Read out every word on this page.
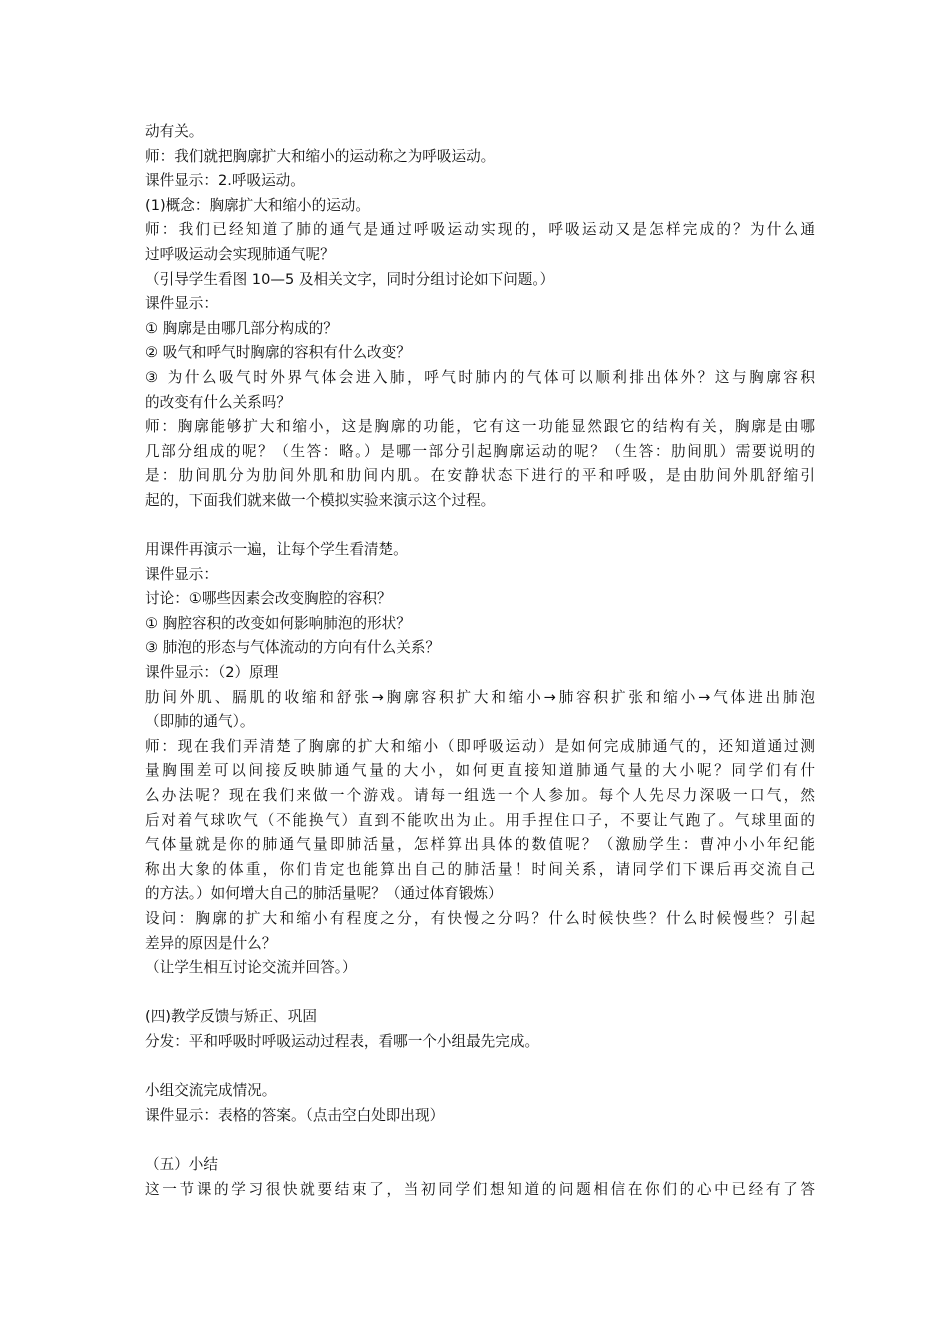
动有关。
师：我们就把胸廓扩大和缩小的运动称之为呼吸运动。
课件显示：2.呼吸运动。
(1)概念：胸廓扩大和缩小的运动。
师：我们已经知道了肺的通气是通过呼吸运动实现的，呼吸运动又是怎样完成的？为什么通
过呼吸运动会实现肺通气呢？
（引导学生看图 10—5 及相关文字，同时分组讨论如下问题。）
课件显示：
① 胸廓是由哪几部分构成的？
② 吸气和呼气时胸廓的容积有什么改变？
③ 为什么吸气时外界气体会进入肺，呼气时肺内的气体可以顺利排出体外？这与胸廓容积
的改变有什么关系吗？
师：胸廓能够扩大和缩小，这是胸廓的功能，它有这一功能显然跟它的结构有关，胸廓是由哪
几部分组成的呢？（生答：略。）是哪一部分引起胸廓运动的呢？（生答：肋间肌）需要说明的
是：肋间肌分为肋间外肌和肋间内肌。在安静状态下进行的平和呼吸，是由肋间外肌舒缩引
起的，下面我们就来做一个模拟实验来演示这个过程。
用课件再演示一遍，让每个学生看清楚。
课件显示：
讨论：①哪些因素会改变胸腔的容积？
① 胸腔容积的改变如何影响肺泡的形状？
③ 肺泡的形态与气体流动的方向有什么关系？
课件显示：（2）原理
肋间外肌、膈肌的收缩和舒张→胸廓容积扩大和缩小→肺容积扩张和缩小→气体进出肺泡
（即肺的通气）。
师：现在我们弄清楚了胸廓的扩大和缩小（即呼吸运动）是如何完成肺通气的，还知道通过测
量胸围差可以间接反映肺通气量的大小，如何更直接知道肺通气量的大小呢？同学们有什
么办法呢？现在我们来做一个游戏。请每一组选一个人参加。每个人先尽力深吸一口气，然
后对着气球吹气（不能换气）直到不能吹出为止。用手捏住口子，不要让气跑了。气球里面的
气体量就是你的肺通气量即肺活量，怎样算出具体的数值呢？（激励学生：曹冲小小年纪能
称出大象的体重，你们肯定也能算出自己的肺活量！时间关系，请同学们下课后再交流自己
的方法。）如何增大自己的肺活量呢？（通过体育锻炼）
设问：胸廓的扩大和缩小有程度之分，有快慢之分吗？什么时候快些？什么时候慢些？引起
差异的原因是什么？
（让学生相互讨论交流并回答。）
(四)教学反馈与矫正、巩固
分发：平和呼吸时呼吸运动过程表，看哪一个小组最先完成。
小组交流完成情况。
课件显示：表格的答案。（点击空白处即出现）
（五）小结
这一节课的学习很快就要结束了，当初同学们想知道的问题相信在你们的心中已经有了答
